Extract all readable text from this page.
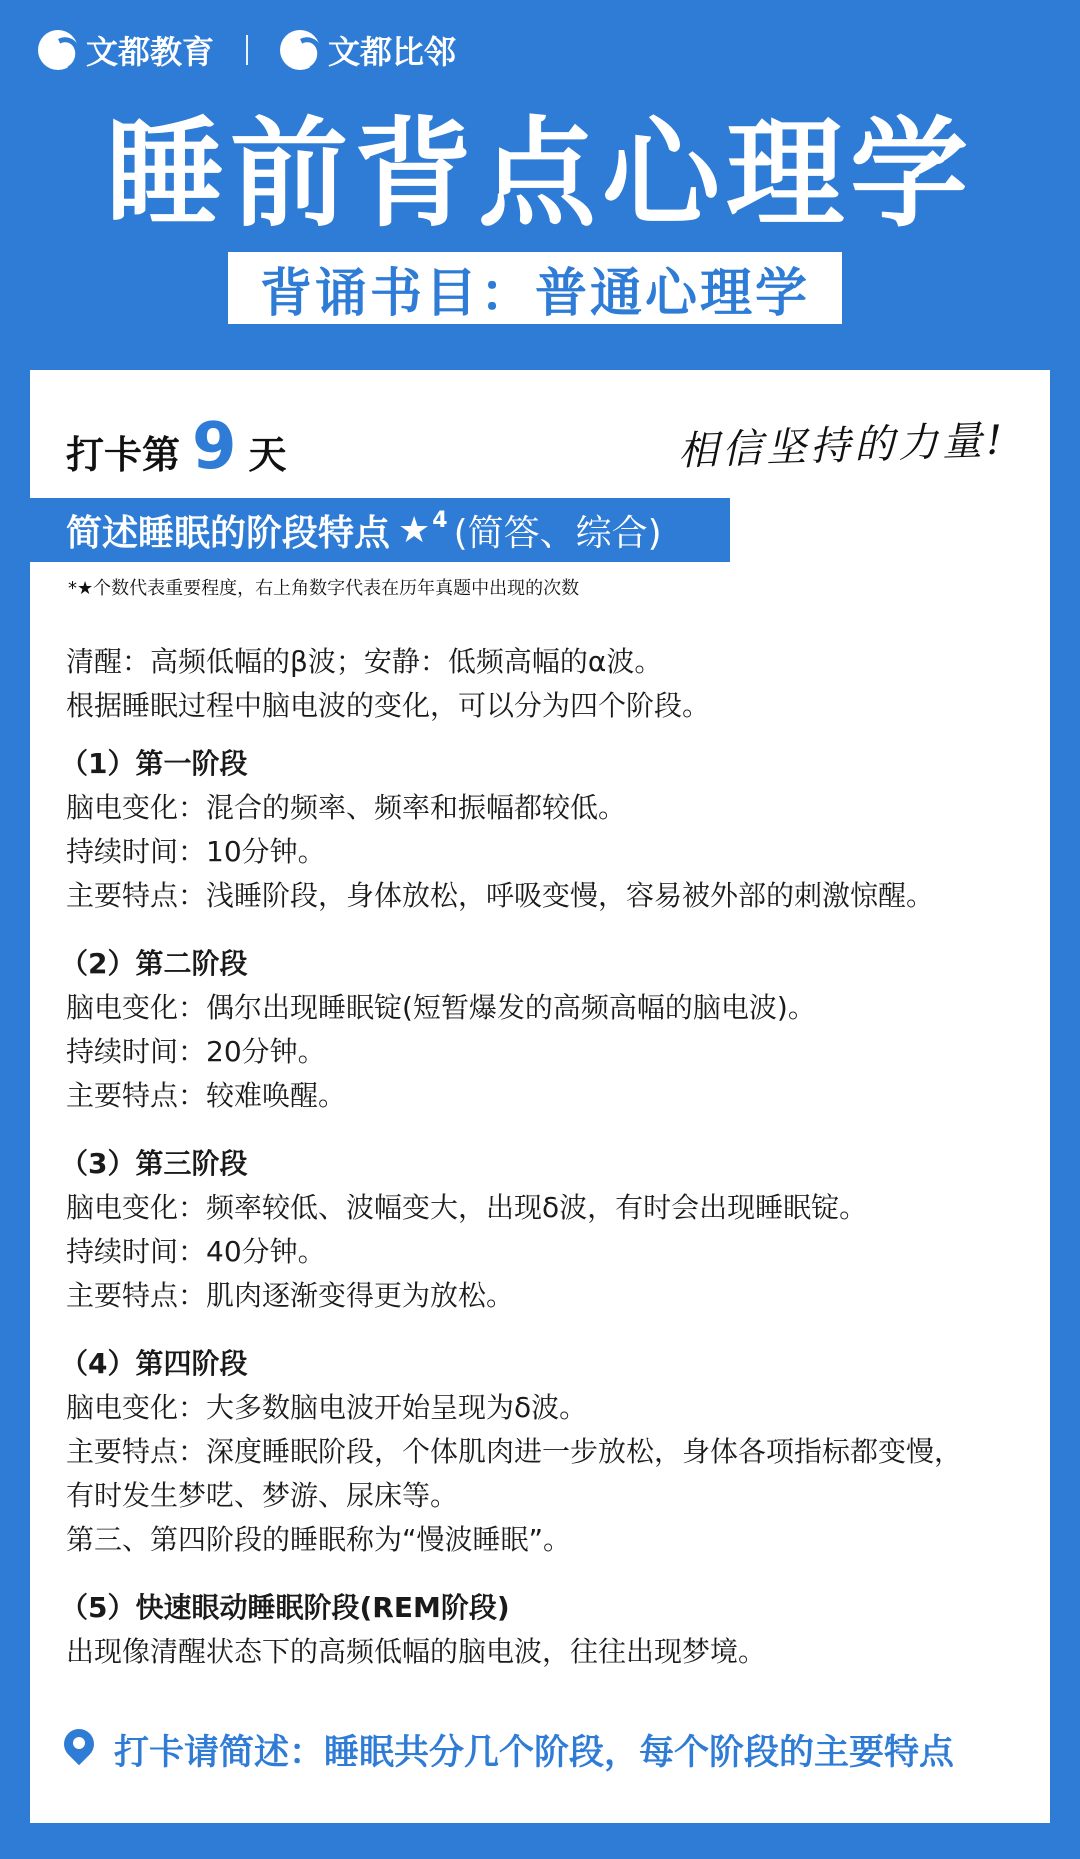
文都教育	文都比邻
睡前背点心理学
背诵书目：普通心理学
打卡第 9 天	相信坚持的力量!
简述睡眠的阶段特点 ★$^4$ (简答、综合)
*★个数代表重要程度，右上角数字代表在历年真题中出现的次数

清醒：高频低幅的β波；安静：低频高幅的α波。

根据睡眠过程中脑电波的变化，可以分为四个阶段。

（1）第一阶段

脑电变化：混合的频率、频率和振幅都较低。

持续时间：10分钟。

主要特点：浅睡阶段，身体放松，呼吸变慢，容易被外部的刺激惊醒。

（2）第二阶段

脑电变化：偶尔出现睡眠锭(短暂爆发的高频高幅的脑电波)。

持续时间：20分钟。

主要特点：较难唤醒。

（3）第三阶段

脑电变化：频率较低、波幅变大，出现δ波，有时会出现睡眠锭。

持续时间：40分钟。

主要特点：肌肉逐渐变得更为放松。

（4）第四阶段

脑电变化：大多数脑电波开始呈现为δ波。

主要特点：深度睡眠阶段，个体肌肉进一步放松，身体各项指标都变慢，

有时发生梦呓、梦游、尿床等。

第三、第四阶段的睡眠称为“慢波睡眠”。

（5）快速眼动睡眠阶段(REM阶段)

出现像清醒状态下的高频低幅的脑电波，往往出现梦境。

打卡请简述：睡眠共分几个阶段，每个阶段的主要特点
